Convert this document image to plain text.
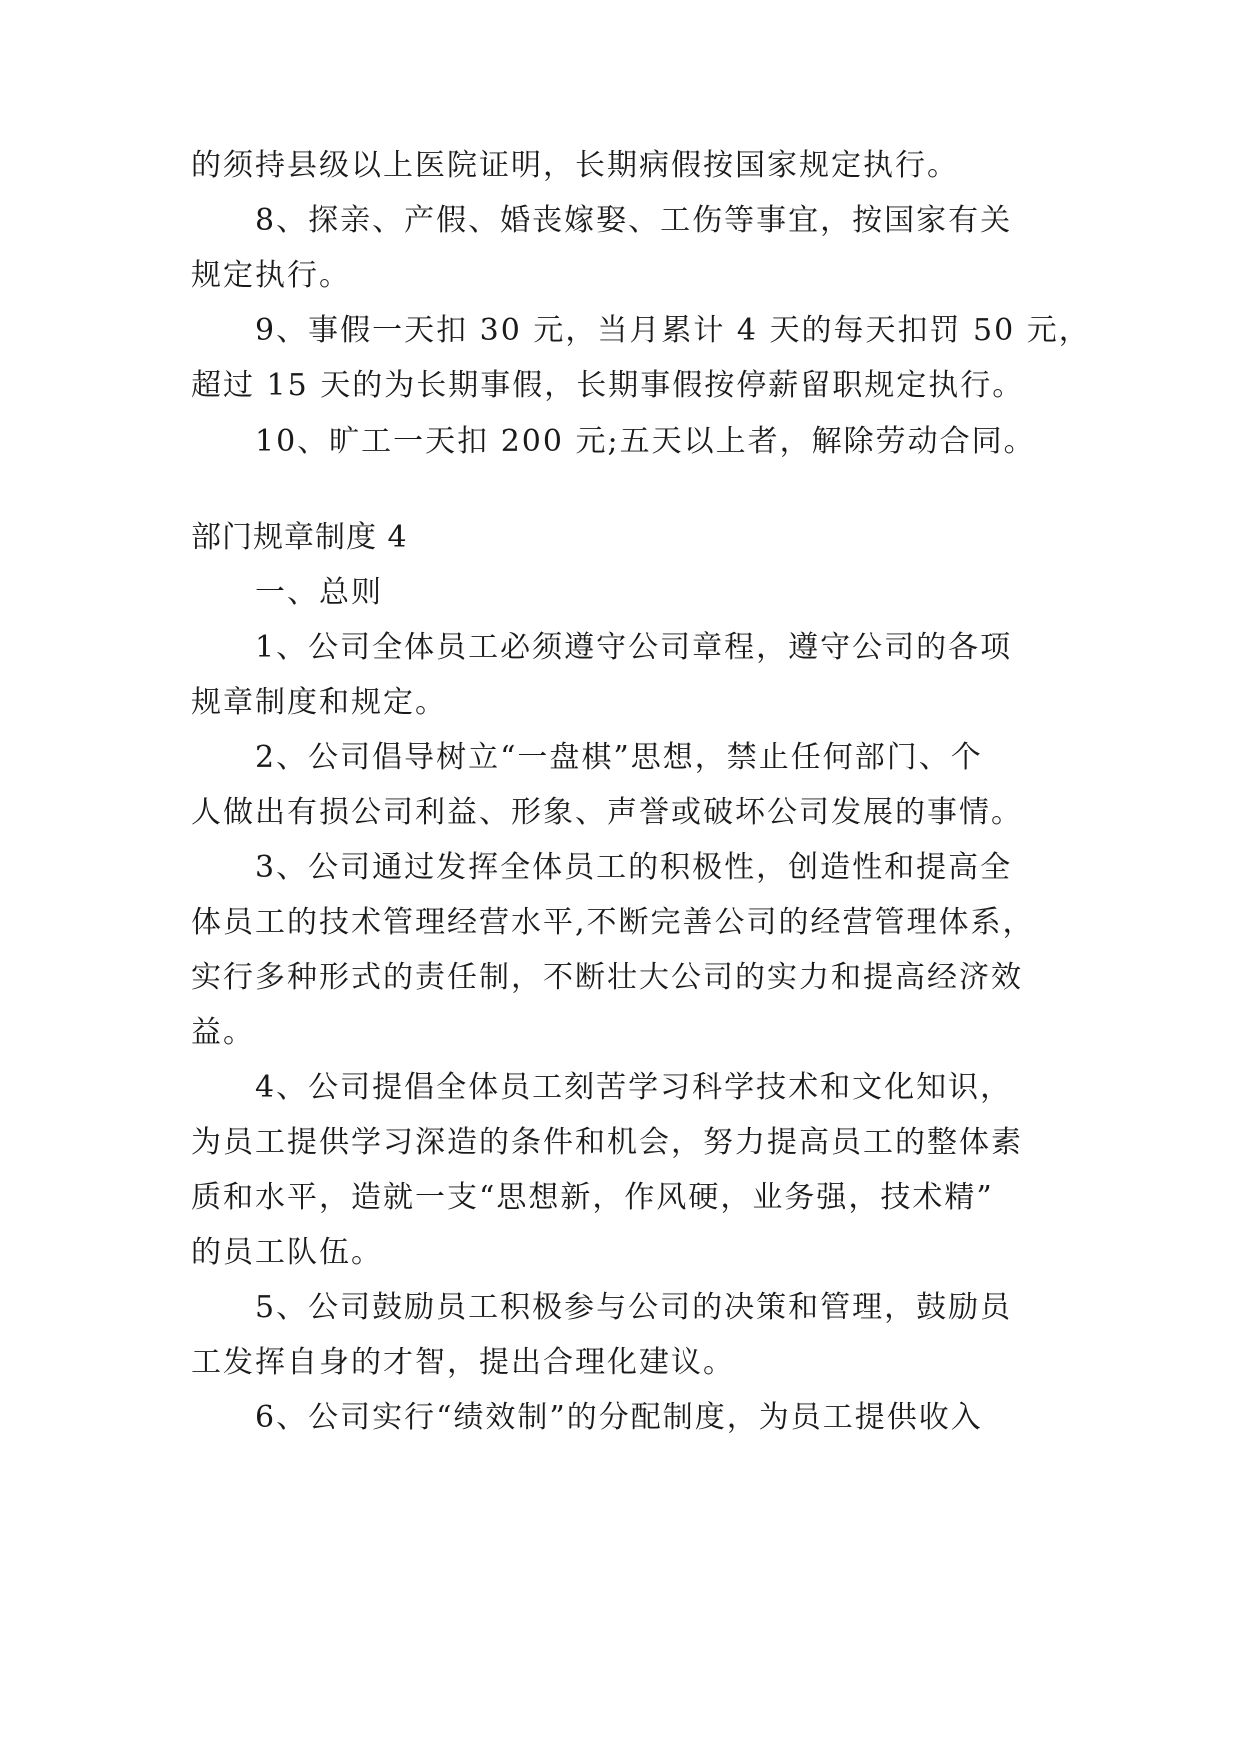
的须持县级以上医院证明，长期病假按国家规定执行。
8、探亲、产假、婚丧嫁娶、工伤等事宜，按国家有关
规定执行。
9、事假一天扣 30 元，当月累计 4 天的每天扣罚 50 元，
超过 15 天的为长期事假，长期事假按停薪留职规定执行。
10、旷工一天扣 200 元;五天以上者，解除劳动合同。
部门规章制度 4
一、总则
1、公司全体员工必须遵守公司章程，遵守公司的各项
规章制度和规定。
2、公司倡导树立“一盘棋”思想，禁止任何部门、个
人做出有损公司利益、形象、声誉或破坏公司发展的事情。
3、公司通过发挥全体员工的积极性，创造性和提高全
体员工的技术管理经营水平,不断完善公司的经营管理体系，
实行多种形式的责任制，不断壮大公司的实力和提高经济效
益。
4、公司提倡全体员工刻苦学习科学技术和文化知识，
为员工提供学习深造的条件和机会，努力提高员工的整体素
质和水平，造就一支“思想新，作风硬，业务强，技术精”
的员工队伍。
5、公司鼓励员工积极参与公司的决策和管理，鼓励员
工发挥自身的才智，提出合理化建议。
6、公司实行“绩效制”的分配制度，为员工提供收入
